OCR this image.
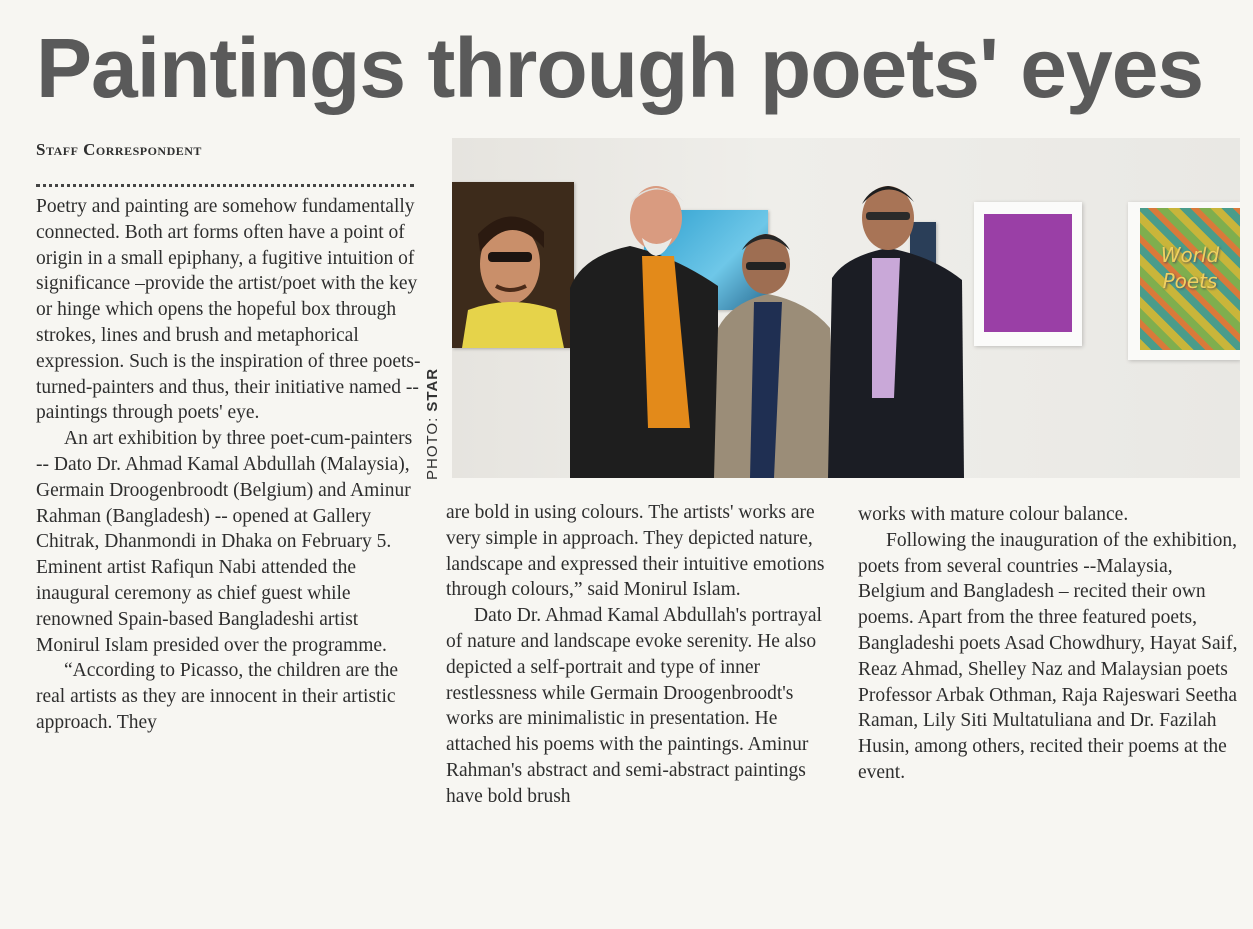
Paintings through poets' eyes
Staff Correspondent

Poetry and painting are somehow fundamentally connected. Both art forms often have a point of origin in a small epiphany, a fugitive intuition of significance –provide the artist/poet with the key or hinge which opens the hopeful box through strokes, lines and brush and metaphorical expression. Such is the inspiration of three poets-turned-painters and thus, their initiative named --paintings through poets' eye.

An art exhibition by three poet-cum-painters -- Dato Dr. Ahmad Kamal Abdullah (Malaysia), Germain Droogenbroodt (Belgium) and Aminur Rahman (Bangladesh) -- opened at Gallery Chitrak, Dhanmondi in Dhaka on February 5. Eminent artist Rafiqun Nabi attended the inaugural ceremony as chief guest while renowned Spain-based Bangladeshi artist Monirul Islam presided over the programme.

“According to Picasso, the children are the real artists as they are innocent in their artistic approach. They

PHOTO: STAR
World
Poets

are bold in using colours. The artists' works are very simple in approach. They depicted nature, landscape and expressed their intuitive emotions through colours,” said Monirul Islam.

Dato Dr. Ahmad Kamal Abdullah's portrayal of nature and landscape evoke serenity. He also depicted a self-portrait and type of inner restlessness while Germain Droogenbroodt's works are minimalistic in presentation. He attached his poems with the paintings. Aminur Rahman's abstract and semi-abstract paintings have bold brush

works with mature colour balance.

Following the inauguration of the exhibition, poets from several countries --Malaysia, Belgium and Bangladesh – recited their own poems. Apart from the three featured poets, Bangladeshi poets Asad Chowdhury, Hayat Saif, Reaz Ahmad, Shelley Naz and Malaysian poets Professor Arbak Othman, Raja Rajeswari Seetha Raman, Lily Siti Multatuliana and Dr. Fazilah Husin, among others, recited their poems at the event.
